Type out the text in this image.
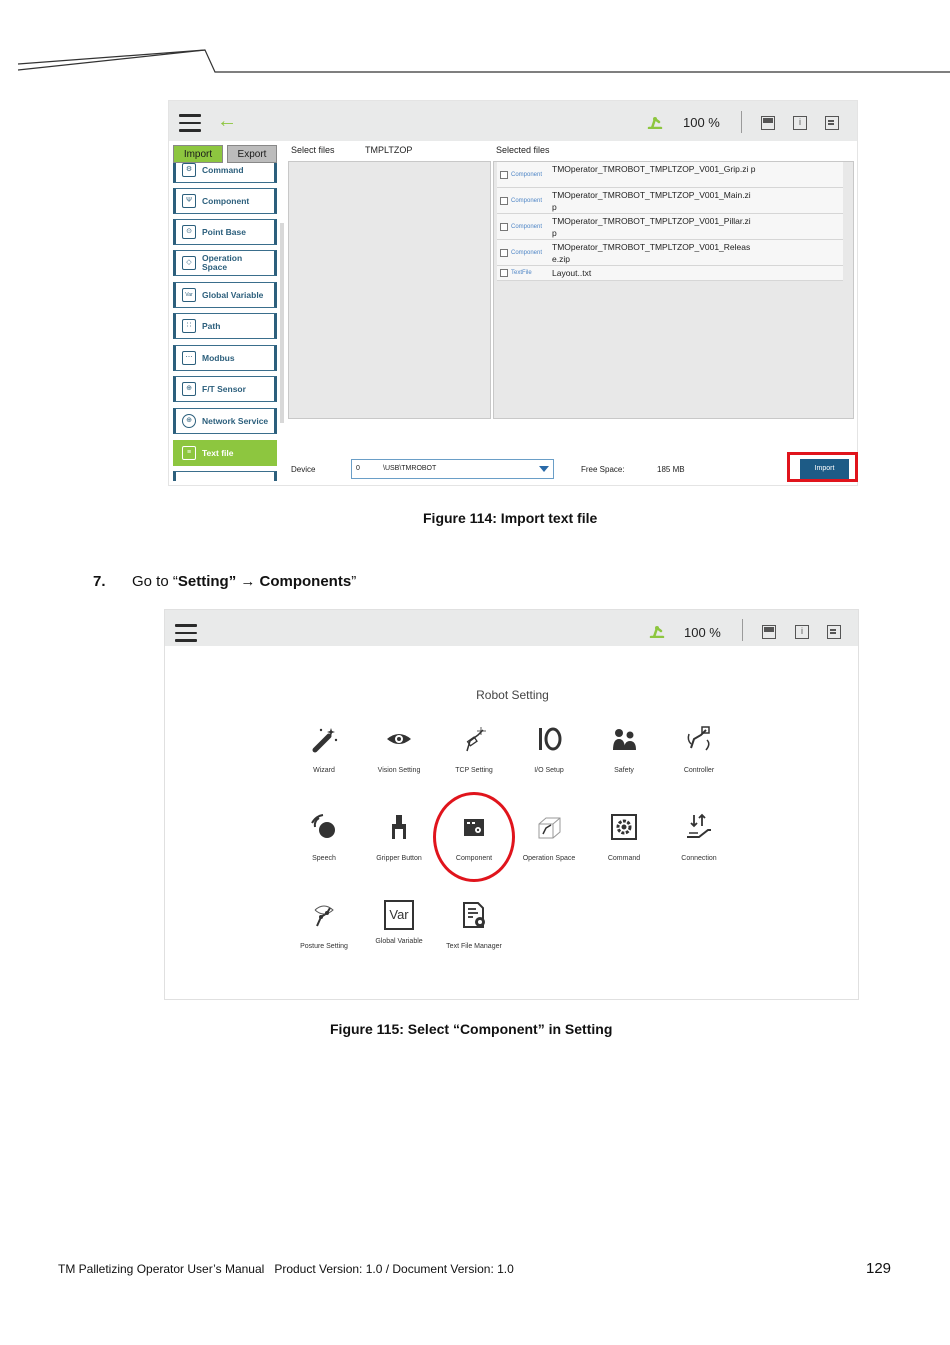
←	100 %	i
Import	Export
⚙	Command
Ψ	Component
⊙	Point Base
◇	Operation Space
Var	Global Variable
∷	Path
⋯	Modbus
⊕	F/T Sensor
⊕	Network Service
≡	Text file
Select files	TMPLTZOP	Selected files
Component
TMOperator_TMROBOT_TMPLTZOP_V001_Grip.zi p
Component
TMOperator_TMROBOT_TMPLTZOP_V001_Main.zi p
Component
TMOperator_TMROBOT_TMPLTZOP_V001_Pillar.zi p
Component
TMOperator_TMROBOT_TMPLTZOP_V001_Releas e.zip
TextFile Layout..txt
Device	0	\USB\TMROBOT	Free Space:	185 MB	Import
Figure 114: Import text file
7. Go to “Setting” → Components”
100 %	i
Robot Setting
Wizard	Vision Setting	TCP Setting	I/O Setup	Safety	Controller
Speech	Gripper Button	Component	Operation Space	Command	Connection
Posture Setting
Var
Global Variable
Text File Manager
Figure 115: Select “Component” in Setting
TM Palletizing Operator User’s Manual Product Version: 1.0 / Document Version: 1.0	129
